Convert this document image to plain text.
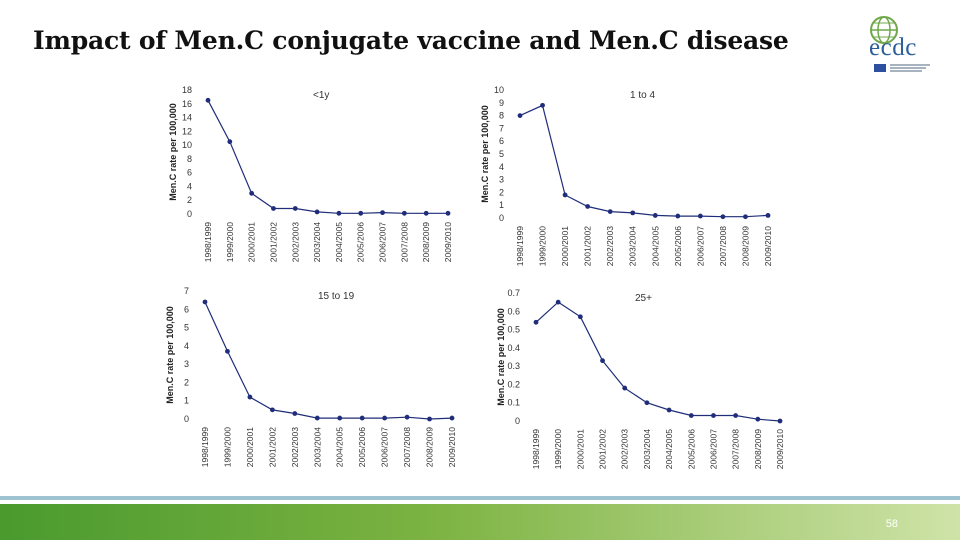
Impact of Men.C conjugate vaccine and Men.C disease	ecdc
<1y
Men.C rate per 100,000
0
2
4
6
8
10
12
14
16
18
1998/1999 1999/2000 2000/2001 2001/2002 2002/2003 2003/2004 2004/2005 2005/2006 2006/2007 2007/2008 2008/2009 2009/2010
1 to 4
Men.C rate per 100,000
0
1
2
3
4
5
6
7
8
9
10
1998/1999 1999/2000 2000/2001 2001/2002 2002/2003 2003/2004 2004/2005 2005/2006 2006/2007 2007/2008 2008/2009 2009/2010
15 to 19
Men.C rate per 100,000
0
1
2
3
4
5
6
7
1998/1999 1999/2000 2000/2001 2001/2002 2002/2003 2003/2004 2004/2005 2005/2006 2006/2007 2007/2008 2008/2009 2009/2010
25+
Men.C rate per 100,000
0
0.1
0.2
0.3
0.4
0.5
0.6
0.7
1998/1999 1999/2000 2000/2001 2001/2002 2002/2003 2003/2004 2004/2005 2005/2006 2006/2007 2007/2008 2008/2009 2009/2010
58
